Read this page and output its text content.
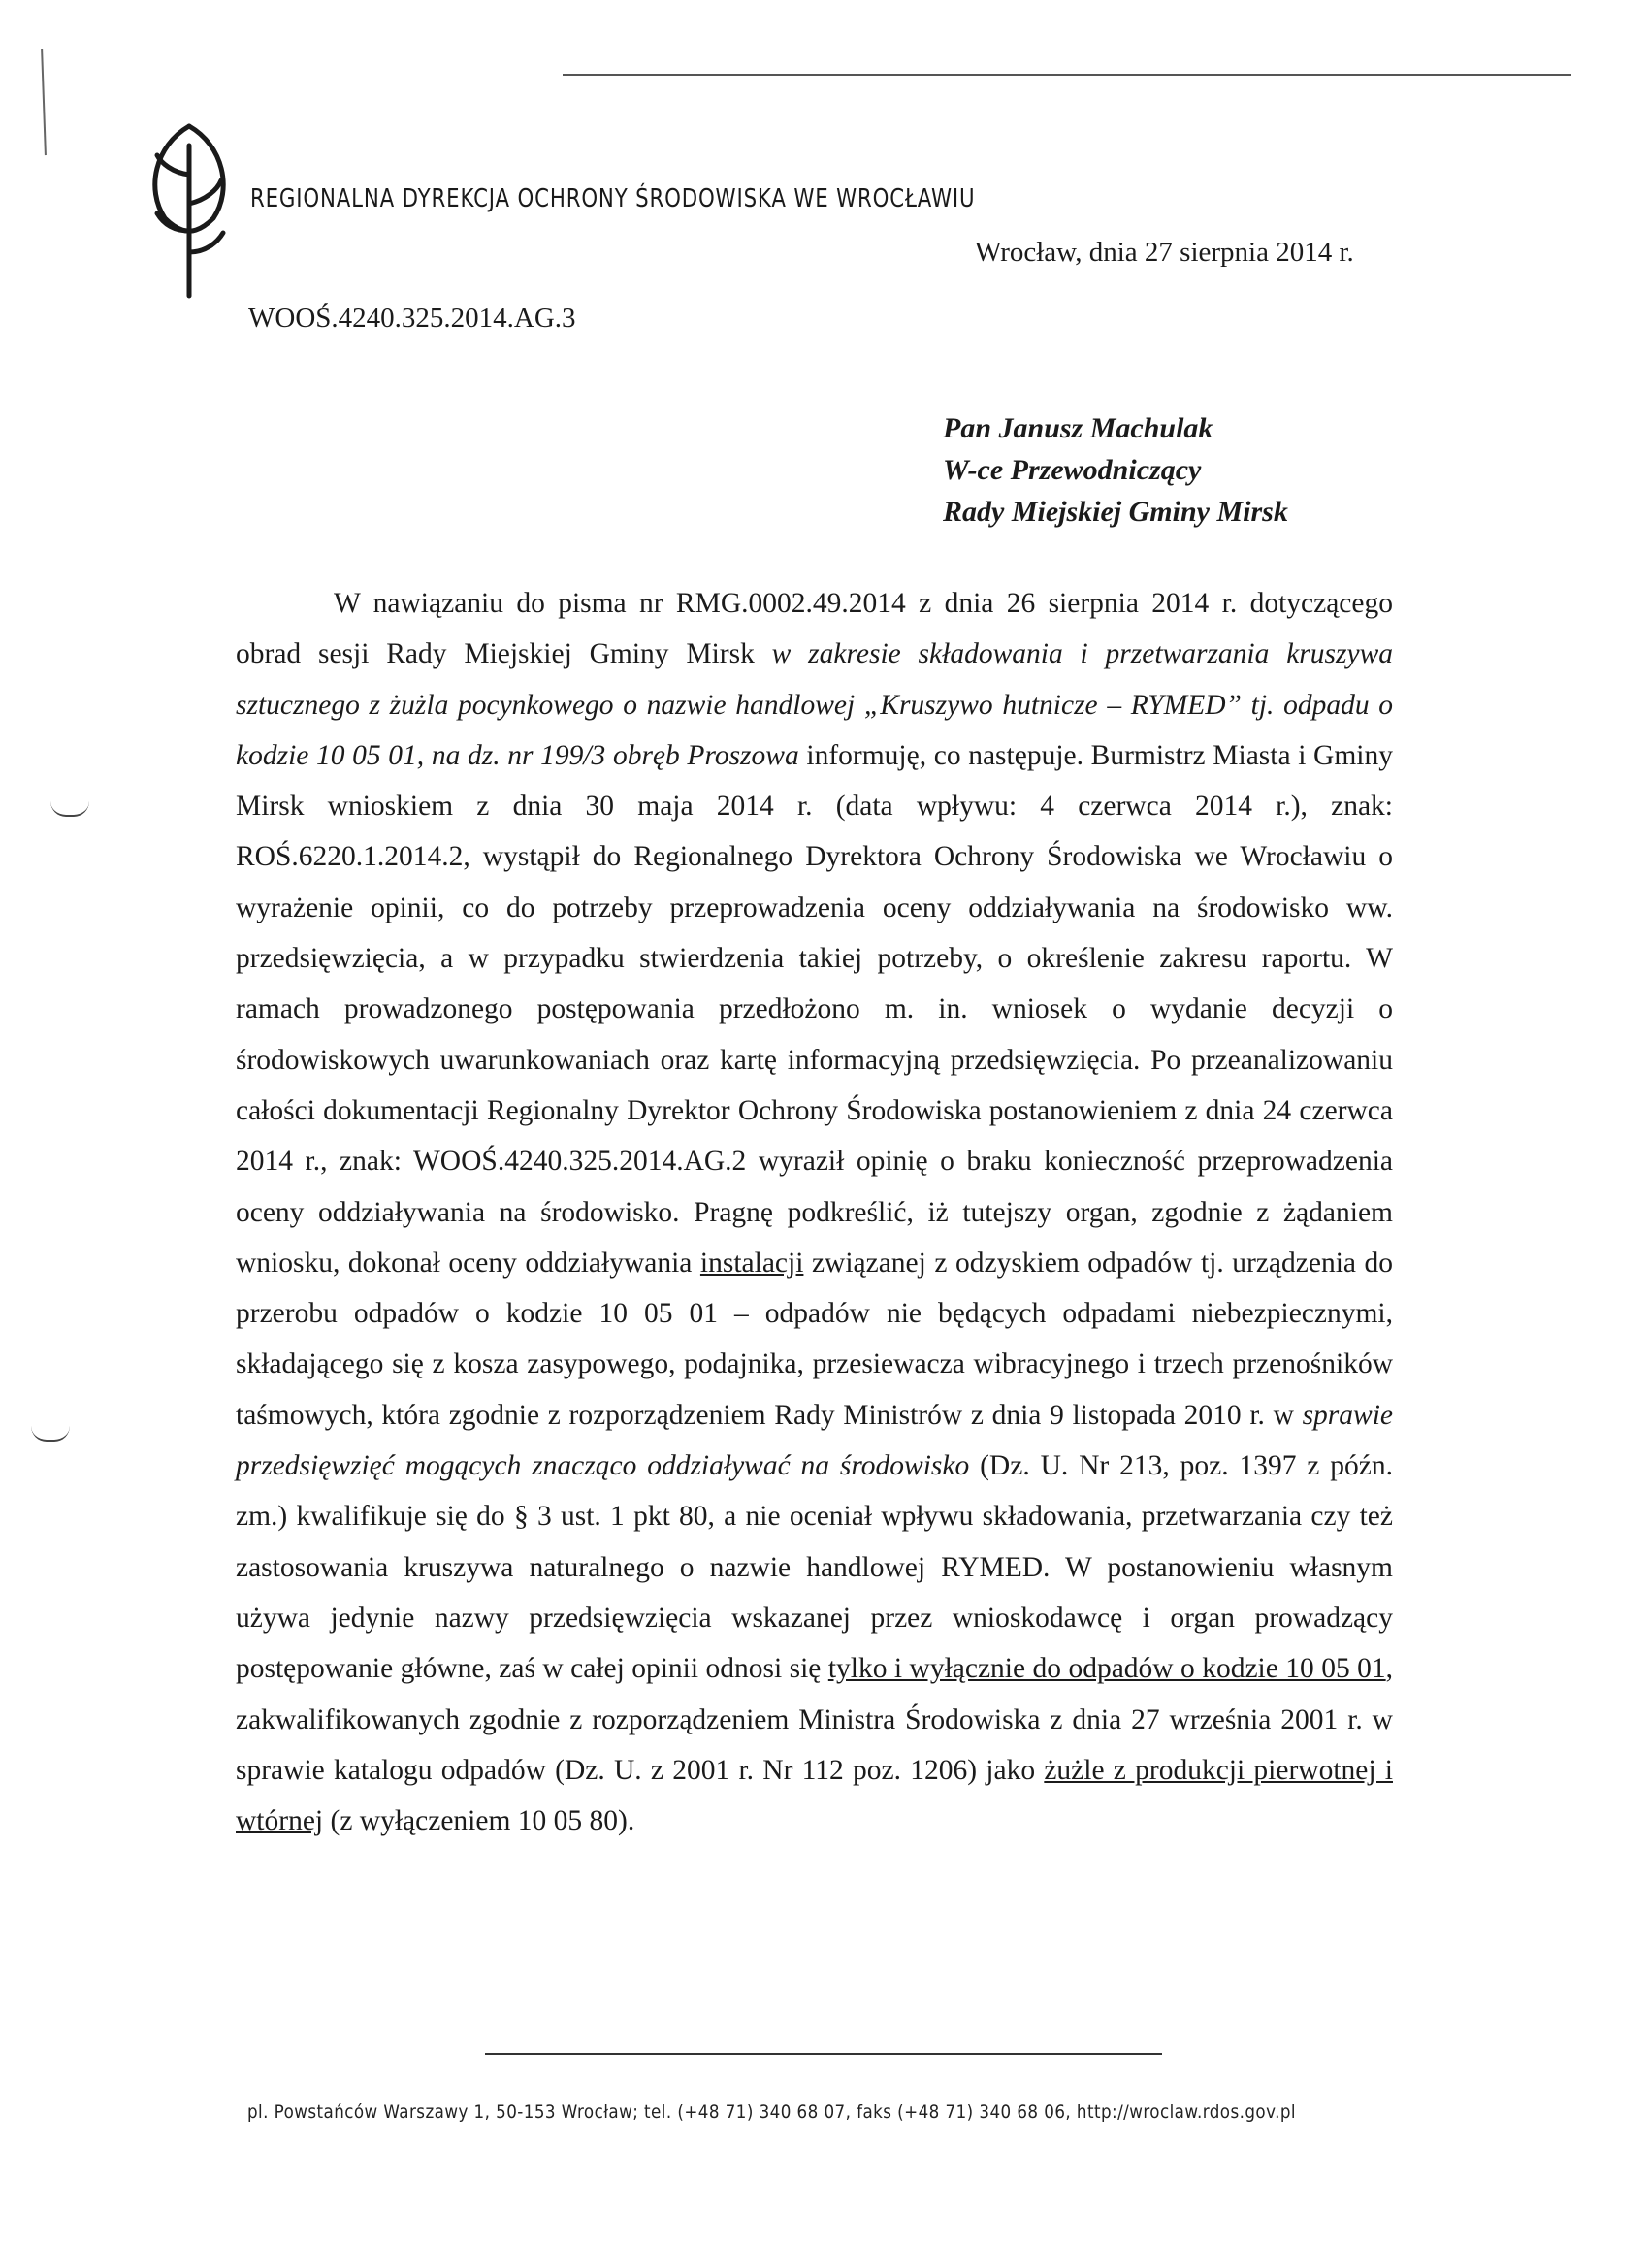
REGIONALNA DYREKCJA OCHRONY ŚRODOWISKA WE WROCŁAWIU
Wrocław, dnia 27 sierpnia 2014 r.
WOOŚ.4240.325.2014.AG.3
Pan Janusz Machulak
W-ce Przewodniczący
Rady Miejskiej Gminy Mirsk

W nawiązaniu do pisma nr RMG.0002.49.2014 z dnia 26 sierpnia 2014 r. dotyczącego obrad sesji Rady Miejskiej Gminy Mirsk w zakresie składowania i przetwarzania kruszywa sztucznego z żużla pocynkowego o nazwie handlowej „Kruszywo hutnicze – RYMED” tj. odpadu o kodzie 10 05 01, na dz. nr 199/3 obręb Proszowa informuję, co następuje. Burmistrz Miasta i Gminy Mirsk wnioskiem z dnia 30 maja 2014 r. (data wpływu: 4 czerwca 2014 r.), znak: ROŚ.6220.1.2014.2, wystąpił do Regionalnego Dyrektora Ochrony Środowiska we Wrocławiu o wyrażenie opinii, co do potrzeby przeprowadzenia oceny oddziaływania na środowisko ww. przedsięwzięcia, a w przypadku stwierdzenia takiej potrzeby, o określenie zakresu raportu. W ramach prowadzonego postępowania przedłożono m. in. wniosek o wydanie decyzji o środowiskowych uwarunkowaniach oraz kartę informacyjną przedsięwzięcia. Po przeanalizowaniu całości dokumentacji Regionalny Dyrektor Ochrony Środowiska postanowieniem z dnia 24 czerwca 2014 r., znak: WOOŚ.4240.325.2014.AG.2 wyraził opinię o braku konieczność przeprowadzenia oceny oddziaływania na środowisko. Pragnę podkreślić, iż tutejszy organ, zgodnie z żądaniem wniosku, dokonał oceny oddziaływania instalacji związanej z odzyskiem odpadów tj. urządzenia do przerobu odpadów o kodzie 10 05 01 – odpadów nie będących odpadami niebezpiecznymi, składającego się z kosza zasypowego, podajnika, przesiewacza wibracyjnego i trzech przenośników taśmowych, która zgodnie z rozporządzeniem Rady Ministrów z dnia 9 listopada 2010 r. w sprawie przedsięwzięć mogących znacząco oddziaływać na środowisko (Dz. U. Nr 213, poz. 1397 z późn. zm.) kwalifikuje się do § 3 ust. 1 pkt 80, a nie oceniał wpływu składowania, przetwarzania czy też zastosowania kruszywa naturalnego o nazwie handlowej RYMED. W postanowieniu własnym używa jedynie nazwy przedsięwzięcia wskazanej przez wnioskodawcę i organ prowadzący postępowanie główne, zaś w całej opinii odnosi się tylko i wyłącznie do odpadów o kodzie 10 05 01, zakwalifikowanych zgodnie z rozporządzeniem Ministra Środowiska z dnia 27 września 2001 r. w sprawie katalogu odpadów (Dz. U. z 2001 r. Nr 112 poz. 1206) jako żużle z produkcji pierwotnej i wtórnej (z wyłączeniem 10 05 80).

pl. Powstańców Warszawy 1, 50-153 Wrocław; tel. (+48 71) 340 68 07, faks (+48 71) 340 68 06, http://wroclaw.rdos.gov.pl
